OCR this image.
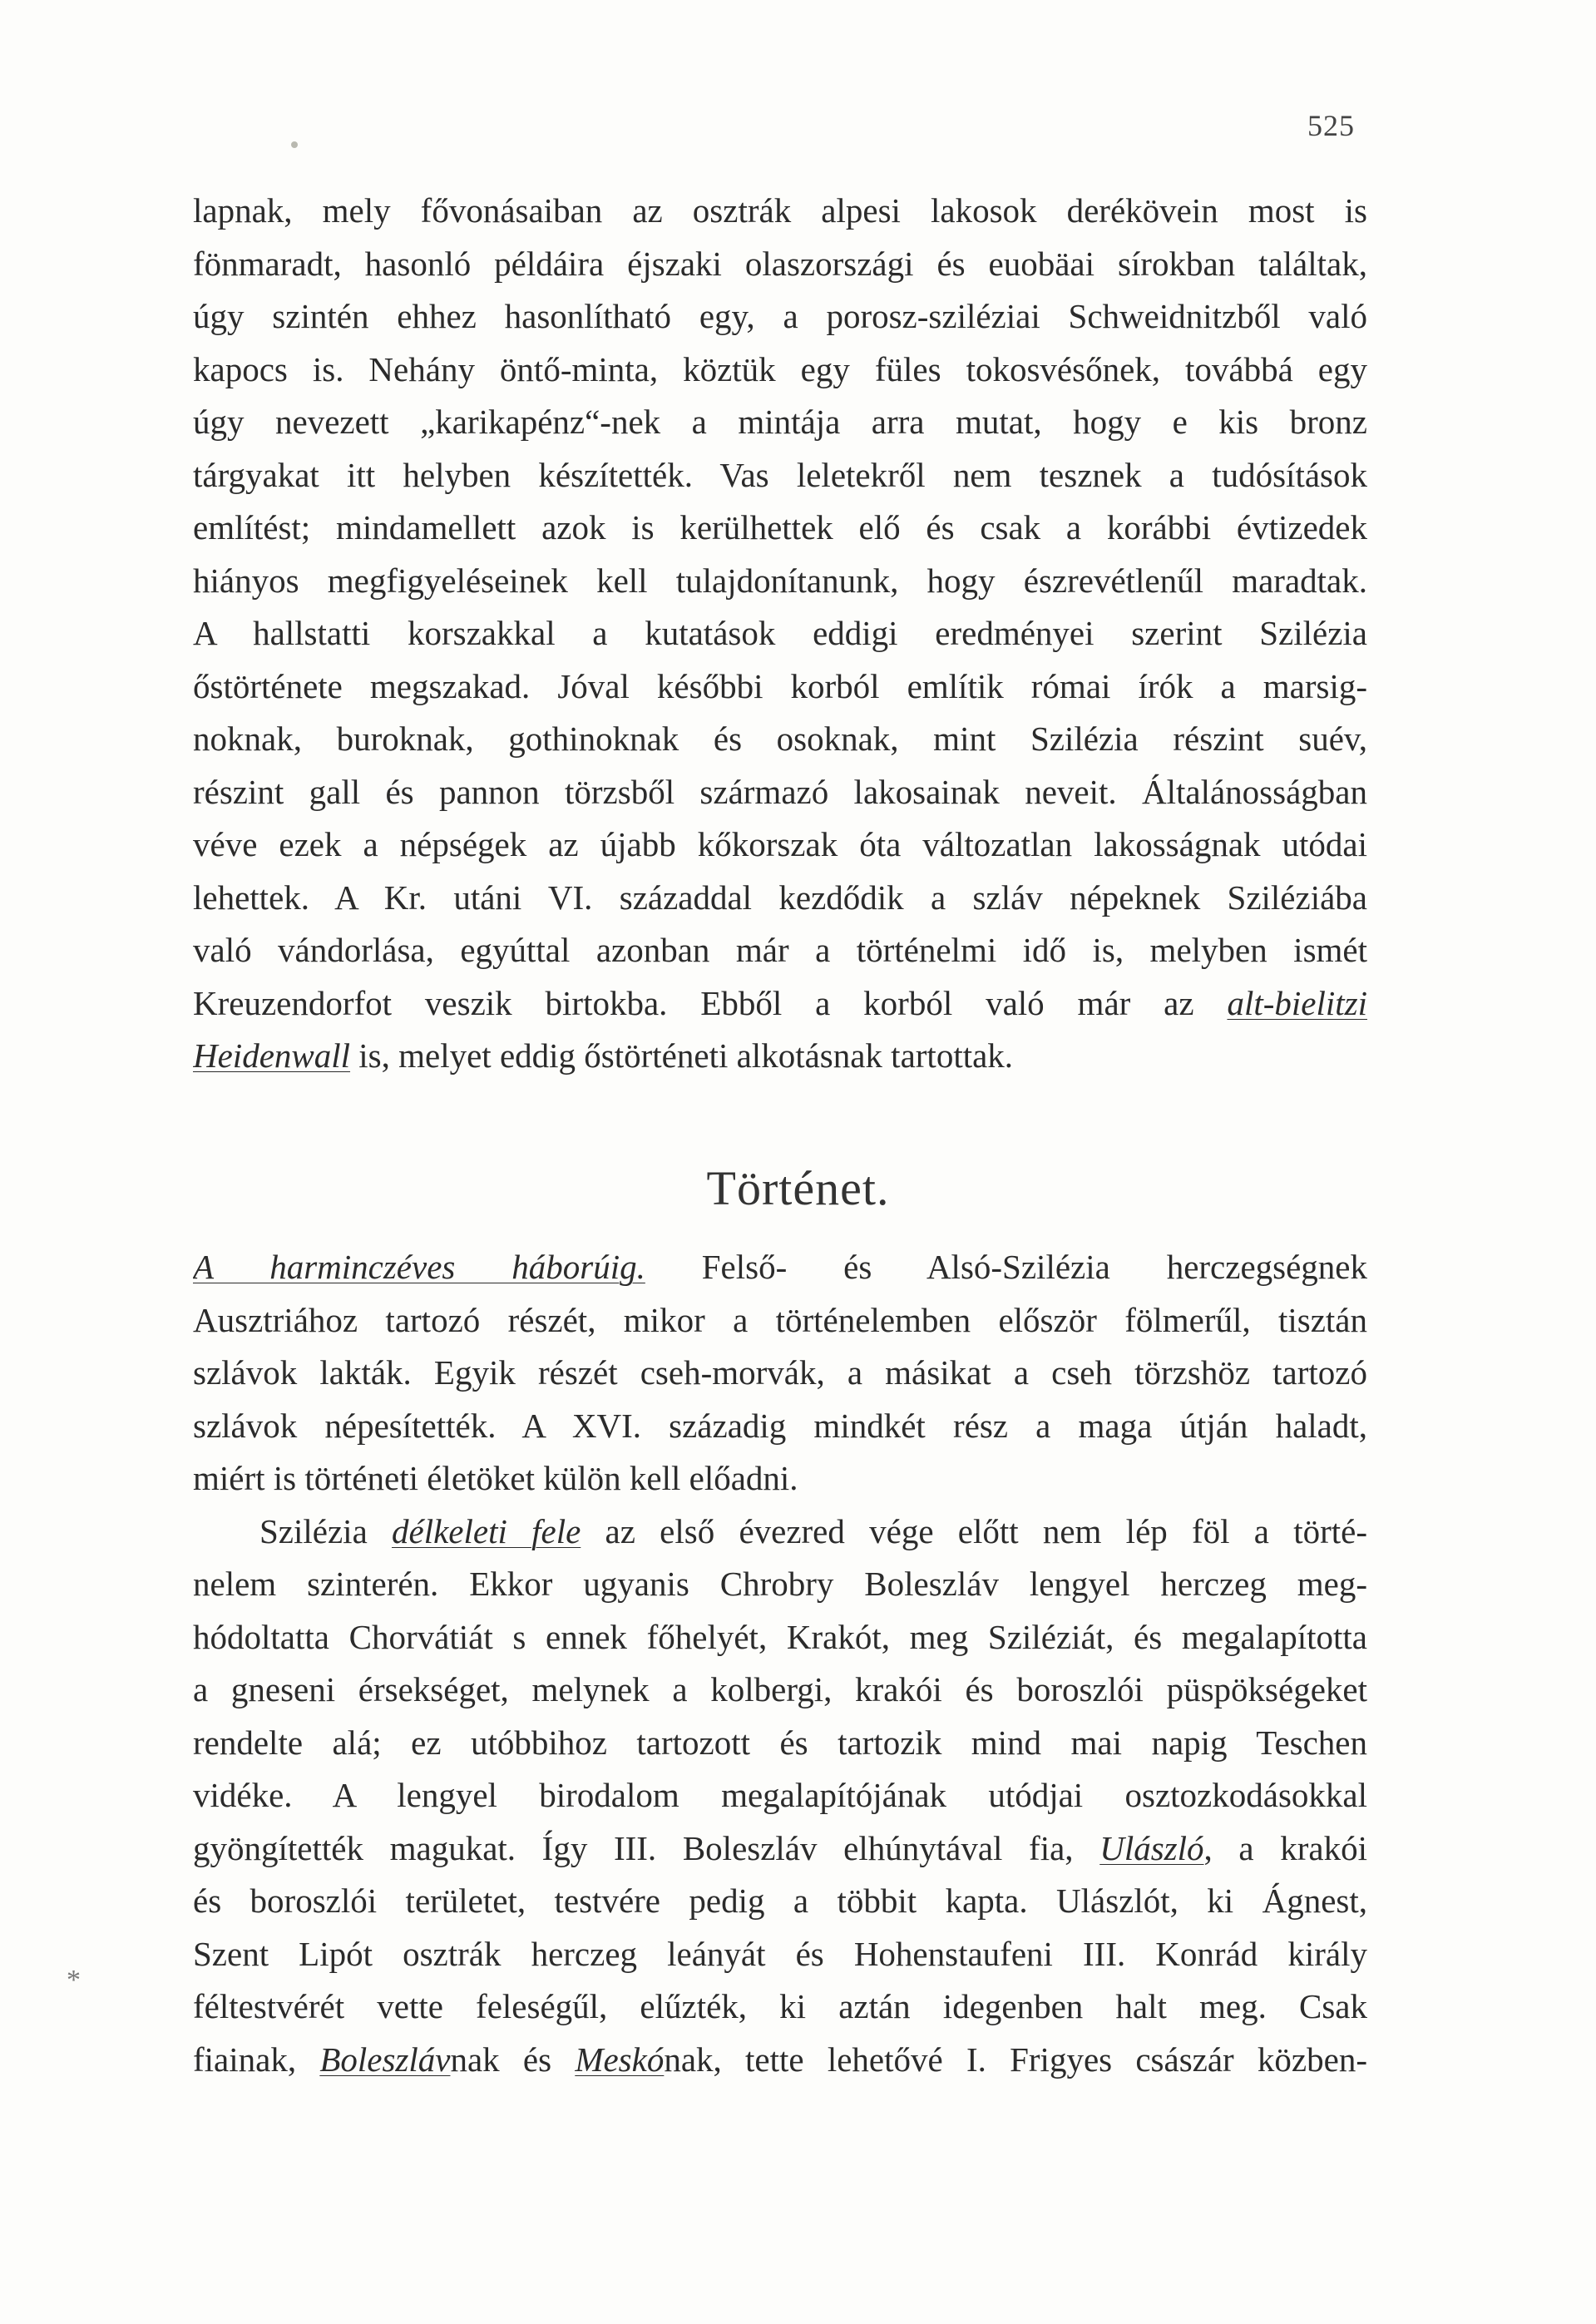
525
*
lapnak, mely fővonásaiban az osztrák alpesi lakosok derékövein most is
fönmaradt, hasonló példáira éjszaki olaszországi és euobäai sírokban találtak,
úgy szintén ehhez hasonlítható egy, a porosz-sziléziai Schweidnitzből való
kapocs is. Nehány öntő-minta, köztük egy füles tokosvésőnek, továbbá egy
úgy nevezett „karikapénz“-nek a mintája arra mutat, hogy e kis bronz
tárgyakat itt helyben készítették. Vas leletekről nem tesznek a tudósítások
említést; mindamellett azok is kerülhettek elő és csak a korábbi évtizedek
hiányos megfigyeléseinek kell tulajdonítanunk, hogy észrevétlenűl maradtak.
A hallstatti korszakkal a kutatások eddigi eredményei szerint Szilézia
őstörténete megszakad. Jóval későbbi korból említik római írók a marsig-
noknak, buroknak, gothinoknak és osoknak, mint Szilézia részint suév,
részint gall és pannon törzsből származó lakosainak neveit. Általánosságban
véve ezek a népségek az újabb kőkorszak óta változatlan lakosságnak utódai
lehettek. A Kr. utáni VI. századdal kezdődik a szláv népeknek Sziléziába
való vándorlása, egyúttal azonban már a történelmi idő is, melyben ismét
Kreuzendorfot veszik birtokba. Ebből a korból való már az alt-bielitzi
Heidenwall is, melyet eddig őstörténeti alkotásnak tartottak.
Történet.
A harminczéves háborúig. Felső- és Alsó-Szilézia herczegségnek
Ausztriához tartozó részét, mikor a történelemben először fölmerűl, tisztán
szlávok lakták. Egyik részét cseh-morvák, a másikat a cseh törzshöz tartozó
szlávok népesítették. A XVI. századig mindkét rész a maga útján haladt,
miért is történeti életöket külön kell előadni.
Szilézia délkeleti fele az első évezred vége előtt nem lép föl a törté-
nelem szinterén. Ekkor ugyanis Chrobry Boleszláv lengyel herczeg meg-
hódoltatta Chorvátiát s ennek főhelyét, Krakót, meg Sziléziát, és megalapította
a gneseni érsekséget, melynek a kolbergi, krakói és boroszlói püspökségeket
rendelte alá; ez utóbbihoz tartozott és tartozik mind mai napig Teschen
vidéke. A lengyel birodalom megalapítójának utódjai osztozkodásokkal
gyöngítették magukat. Így III. Boleszláv elhúnytával fia, Ulászló, a krakói
és boroszlói területet, testvére pedig a többit kapta. Ulászlót, ki Ágnest,
Szent Lipót osztrák herczeg leányát és Hohenstaufeni III. Konrád király
féltestvérét vette feleségűl, elűzték, ki aztán idegenben halt meg. Csak
fiainak, Boleszlávnak és Meskónak, tette lehetővé I. Frigyes császár közben-
